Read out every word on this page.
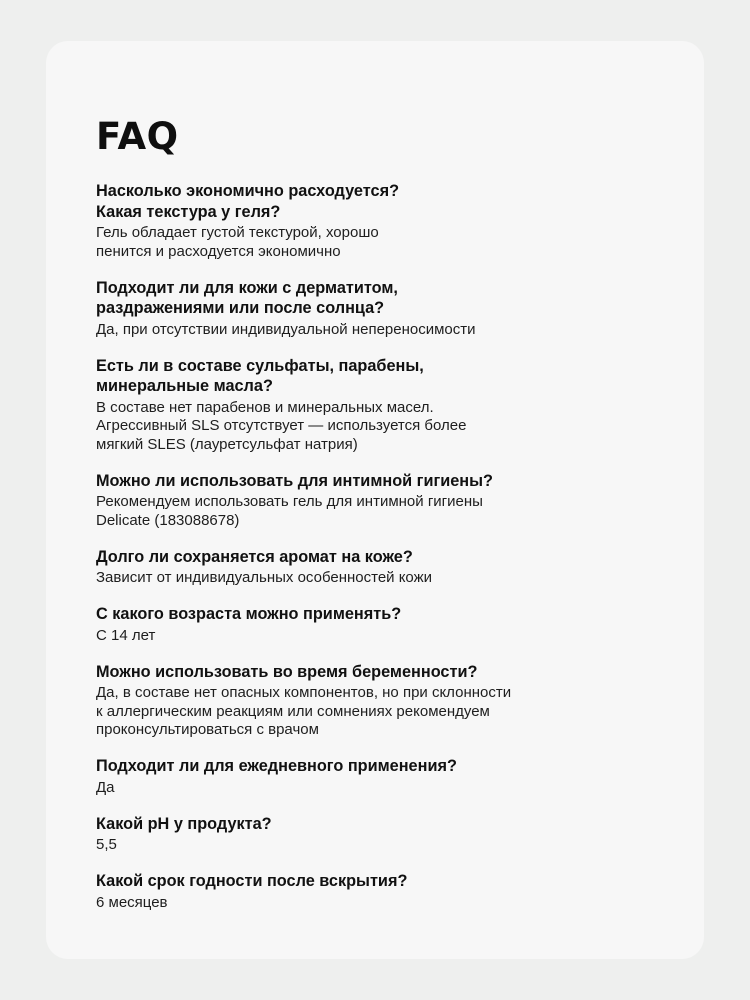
FAQ
Насколько экономично расходуется?
Какая текстура у геля?
Гель обладает густой текстурой, хорошо
пенится и расходуется экономично
Подходит ли для кожи с дерматитом,
раздражениями или после солнца?
Да, при отсутствии индивидуальной непереносимости
Есть ли в составе сульфаты, парабены,
минеральные масла?
В составе нет парабенов и минеральных масел.
Агрессивный SLS отсутствует — используется более
мягкий SLES (лауретсульфат натрия)
Можно ли использовать для интимной гигиены?
Рекомендуем использовать гель для интимной гигиены
Delicate (183088678)
Долго ли сохраняется аромат на коже?
Зависит от индивидуальных особенностей кожи
С какого возраста можно применять?
С 14 лет
Можно использовать во время беременности?
Да, в составе нет опасных компонентов, но при склонности
к аллергическим реакциям или сомнениях рекомендуем
проконсультироваться с врачом
Подходит ли для ежедневного применения?
Да
Какой pH у продукта?
5,5
Какой срок годности после вскрытия?
6 месяцев
